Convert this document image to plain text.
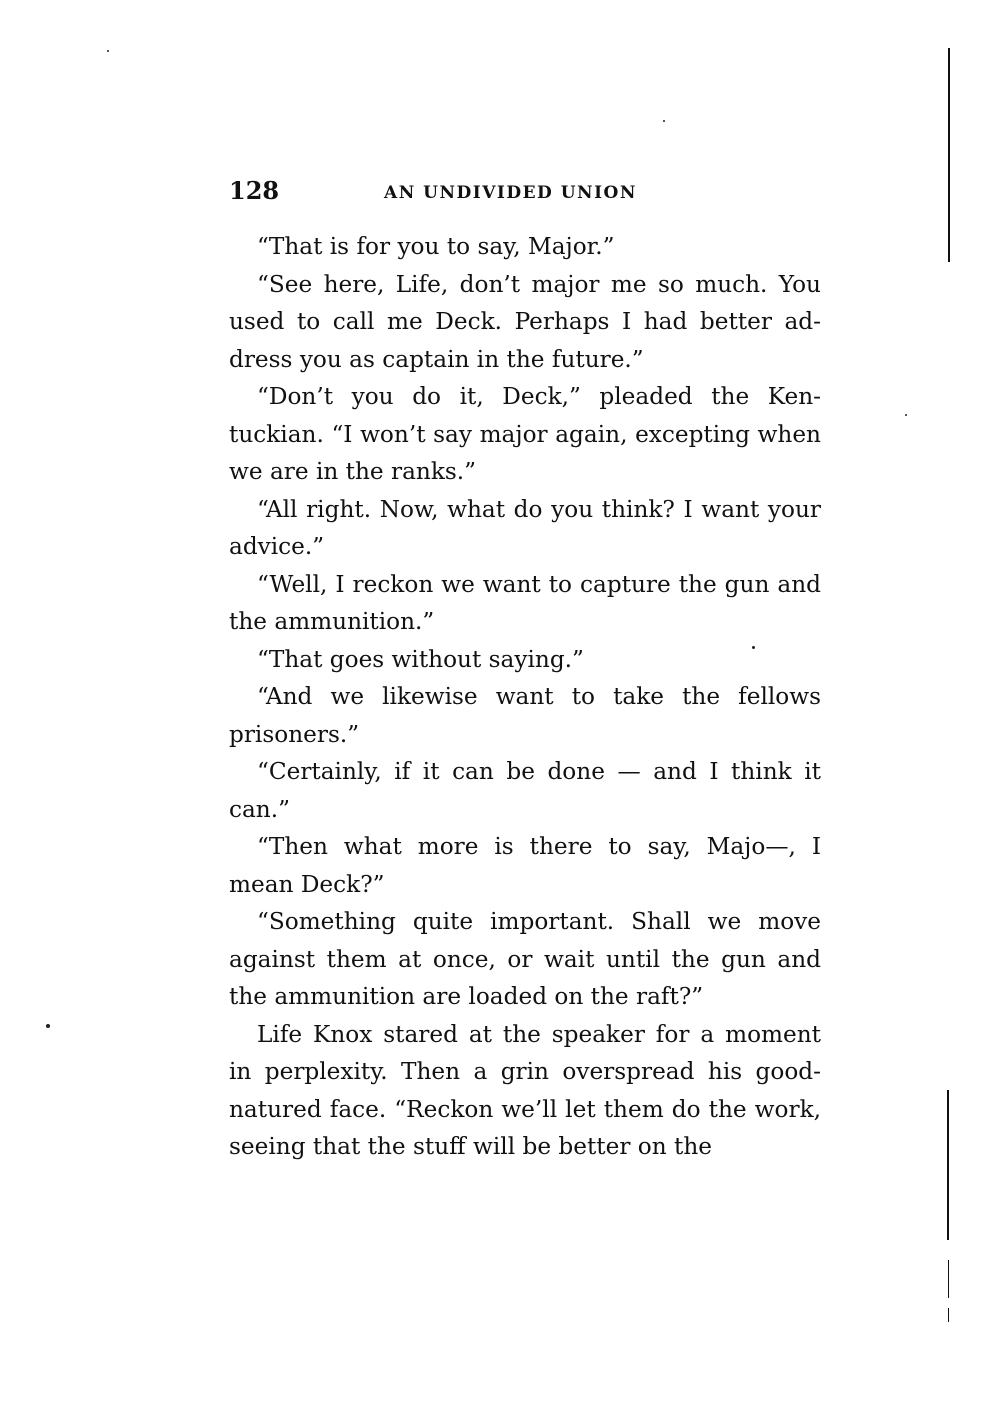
128	AN UNDIVIDED UNION

“That is for you to say, Major.”

“See here, Life, don’t major me so much. You used to call me Deck. Perhaps I had better address you as captain in the future.”

“Don’t you do it, Deck,” pleaded the Kentuckian. “I won’t say major again, excepting when we are in the ranks.”

“All right. Now, what do you think? I want your advice.”

“Well, I reckon we want to capture the gun and the ammunition.”

“That goes without saying.”

“And we likewise want to take the fellows prisoners.”

“Certainly, if it can be done — and I think it can.”

“Then what more is there to say, Majo—, I mean Deck?”

“Something quite important. Shall we move against them at once, or wait until the gun and the ammunition are loaded on the raft?”

Life Knox stared at the speaker for a moment in perplexity. Then a grin overspread his goodnatured face. “Reckon we’ll let them do the work, seeing that the stuff will be better on the
